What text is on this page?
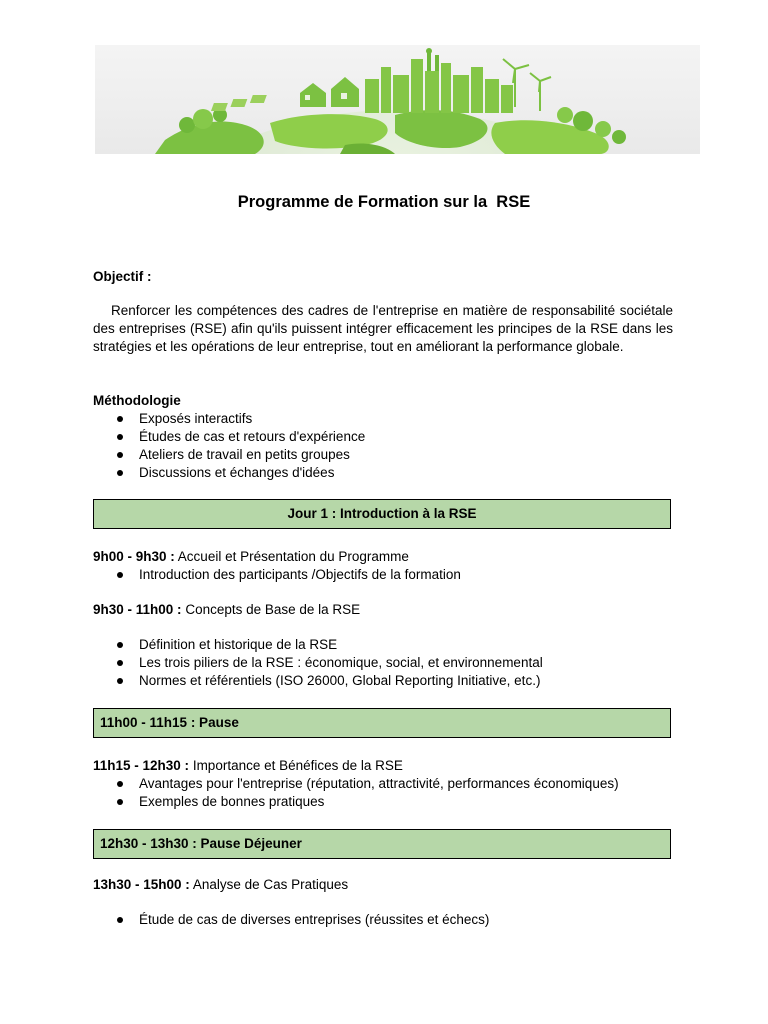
Programme de Formation sur la  RSE
Objectif :

Renforcer les compétences des cadres de l'entreprise en matière de responsabilité sociétale des entreprises (RSE) afin qu'ils puissent intégrer efficacement les principes de la RSE dans les stratégies et les opérations de leur entreprise, tout en améliorant la performance globale.

Méthodologie
Exposés interactifs
Études de cas et retours d'expérience
Ateliers de travail en petits groupes
Discussions et échanges d'idées
Jour 1 : Introduction à la RSE
9h00 - 9h30 : Accueil et Présentation du Programme
Introduction des participants /Objectifs de la formation
9h30 - 11h00 : Concepts de Base de la RSE
Définition et historique de la RSE
Les trois piliers de la RSE : économique, social, et environnemental
Normes et référentiels (ISO 26000, Global Reporting Initiative, etc.)
11h00 - 11h15 : Pause
11h15 - 12h30 : Importance et Bénéfices de la RSE
Avantages pour l'entreprise (réputation, attractivité, performances économiques)
Exemples de bonnes pratiques
12h30 - 13h30 : Pause Déjeuner
13h30 - 15h00 : Analyse de Cas Pratiques
Étude de cas de diverses entreprises (réussites et échecs)
